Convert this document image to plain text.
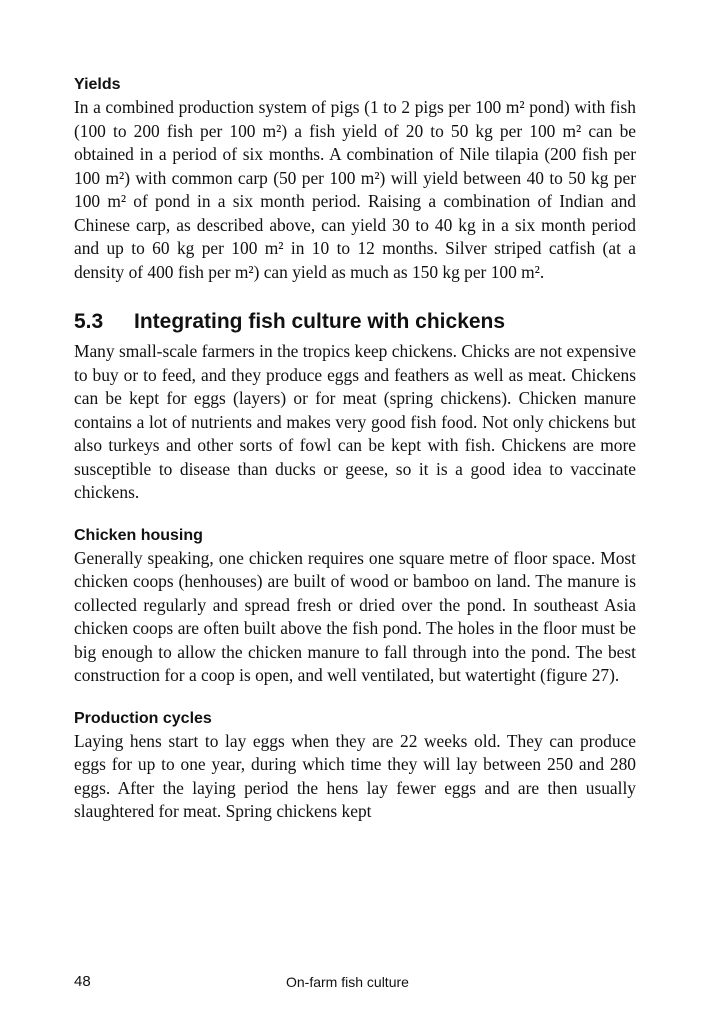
Yields

In a combined production system of pigs (1 to 2 pigs per 100 m² pond) with fish (100 to 200 fish per 100 m²) a fish yield of 20 to 50 kg per 100 m² can be obtained in a period of six months. A combination of Nile tilapia (200 fish per 100 m²) with common carp (50 per 100 m²) will yield between 40 to 50 kg per 100 m² of pond in a six month period. Raising a combination of Indian and Chinese carp, as described above, can yield 30 to 40 kg in a six month period and up to 60 kg per 100 m² in 10 to 12 months. Silver striped catfish (at a density of 400 fish per m²) can yield as much as 150 kg per 100 m².

5.3	Integrating fish culture with chickens

Many small-scale farmers in the tropics keep chickens. Chicks are not expensive to buy or to feed, and they produce eggs and feathers as well as meat. Chickens can be kept for eggs (layers) or for meat (spring chickens). Chicken manure contains a lot of nutrients and makes very good fish food. Not only chickens but also turkeys and other sorts of fowl can be kept with fish. Chickens are more susceptible to disease than ducks or geese, so it is a good idea to vaccinate chickens.

Chicken housing

Generally speaking, one chicken requires one square metre of floor space. Most chicken coops (henhouses) are built of wood or bamboo on land. The manure is collected regularly and spread fresh or dried over the pond. In southeast Asia chicken coops are often built above the fish pond. The holes in the floor must be big enough to allow the chicken manure to fall through into the pond. The best construction for a coop is open, and well ventilated, but watertight (figure 27).

Production cycles

Laying hens start to lay eggs when they are 22 weeks old. They can produce eggs for up to one year, during which time they will lay between 250 and 280 eggs. After the laying period the hens lay fewer eggs and are then usually slaughtered for meat. Spring chickens kept

48	On-farm fish culture
